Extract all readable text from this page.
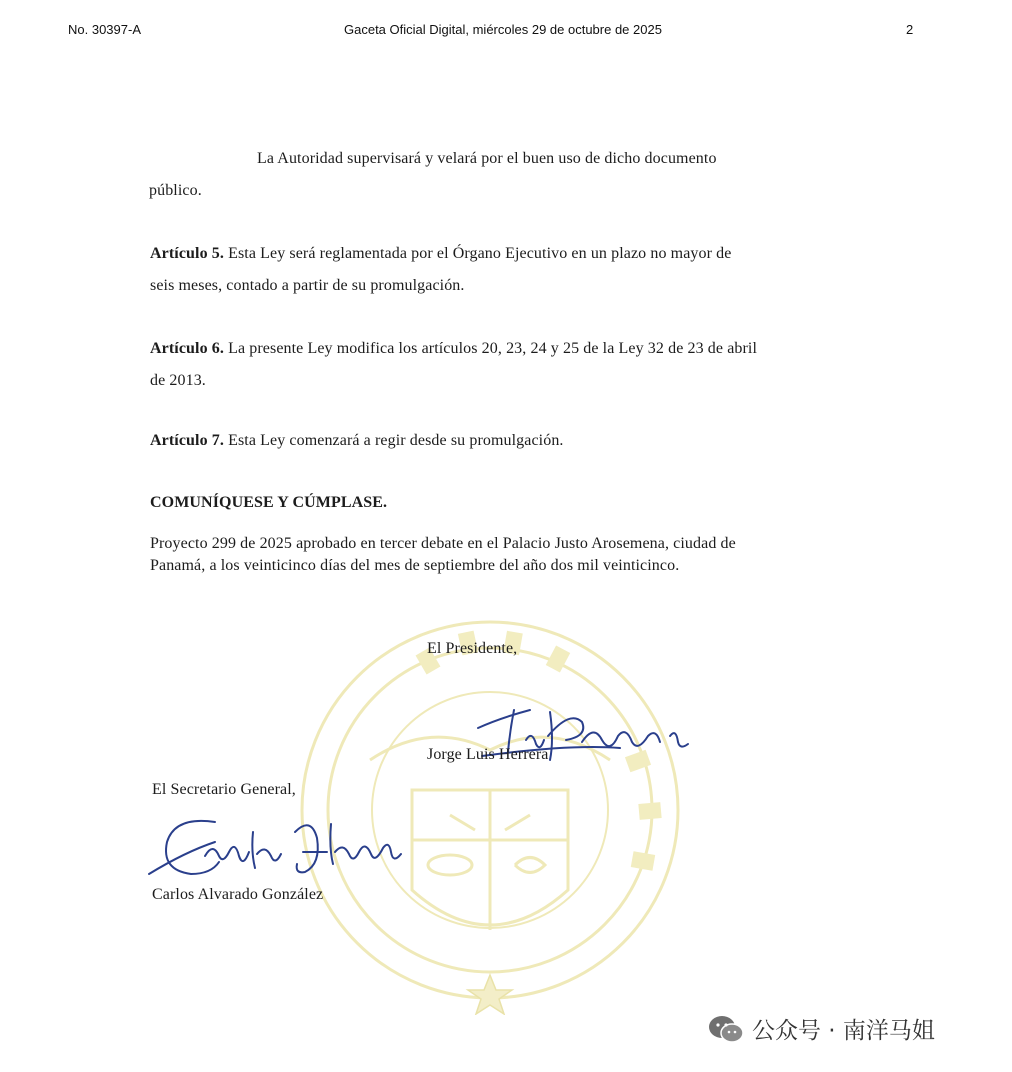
No. 30397-A	Gaceta Oficial Digital, miércoles 29 de octubre de 2025	2
La Autoridad supervisará y velará por el buen uso de dicho documento
público.
Artículo 5. Esta Ley será reglamentada por el Órgano Ejecutivo en un plazo no mayor de
seis meses, contado a partir de su promulgación.
Artículo 6. La presente Ley modifica los artículos 20, 23, 24 y 25 de la Ley 32 de 23 de abril
de 2013.
Artículo 7. Esta Ley comenzará a regir desde su promulgación.
COMUNÍQUESE Y CÚMPLASE.
Proyecto 299 de 2025 aprobado en tercer debate en el Palacio Justo Arosemena, ciudad de
Panamá, a los veinticinco días del mes de septiembre del año dos mil veinticinco.
El Presidente,
Jorge Luis Herrera
El Secretario General,
Carlos Alvarado González
公众号 · 南洋马姐
